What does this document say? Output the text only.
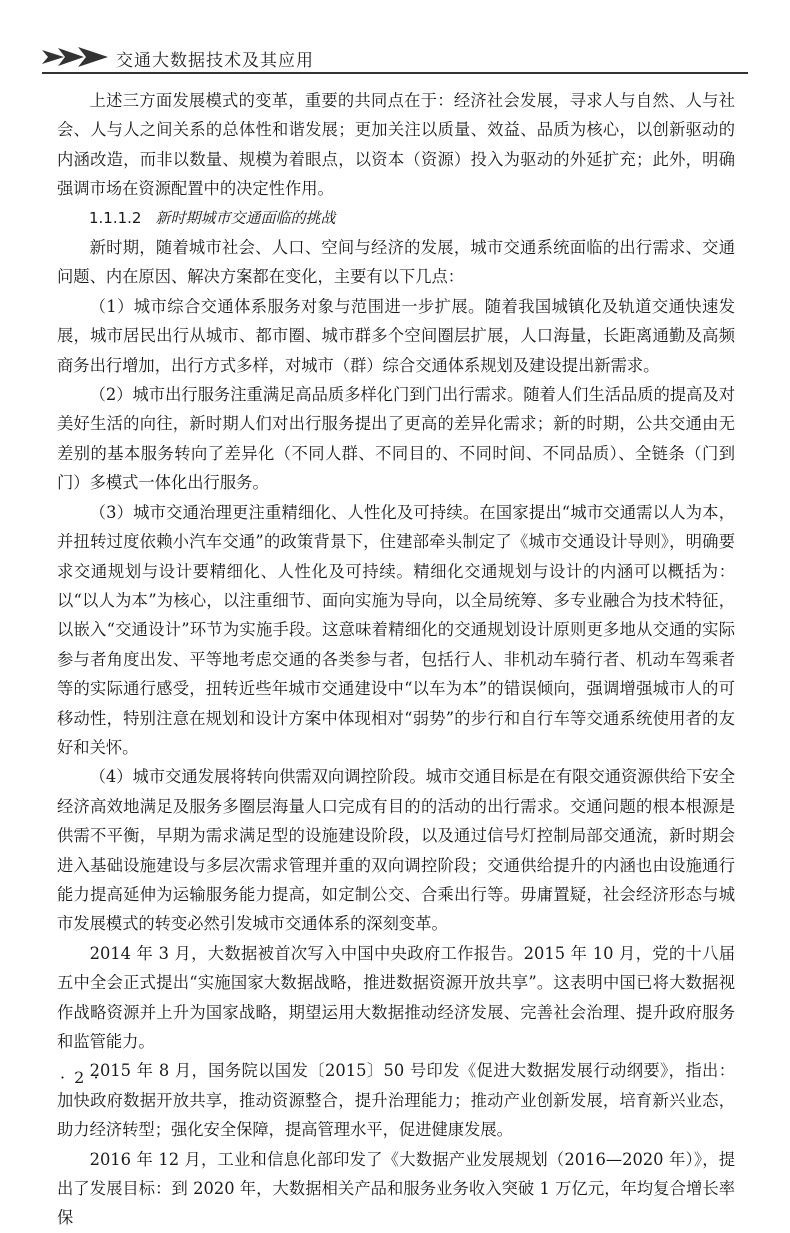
交通大数据技术及其应用

上述三方面发展模式的变革，重要的共同点在于：经济社会发展，寻求人与自然、人与社会、人与人之间关系的总体性和谐发展；更加关注以质量、效益、品质为核心，以创新驱动的内涵改造，而非以数量、规模为着眼点，以资本（资源）投入为驱动的外延扩充；此外，明确强调市场在资源配置中的决定性作用。

1.1.1.2 新时期城市交通面临的挑战

新时期，随着城市社会、人口、空间与经济的发展，城市交通系统面临的出行需求、交通问题、内在原因、解决方案都在变化，主要有以下几点：

（1）城市综合交通体系服务对象与范围进一步扩展。随着我国城镇化及轨道交通快速发展，城市居民出行从城市、都市圈、城市群多个空间圈层扩展，人口海量，长距离通勤及高频商务出行增加，出行方式多样，对城市（群）综合交通体系规划及建设提出新需求。

（2）城市出行服务注重满足高品质多样化门到门出行需求。随着人们生活品质的提高及对美好生活的向往，新时期人们对出行服务提出了更高的差异化需求；新的时期，公共交通由无差别的基本服务转向了差异化（不同人群、不同目的、不同时间、不同品质）、全链条（门到门）多模式一体化出行服务。

（3）城市交通治理更注重精细化、人性化及可持续。在国家提出“城市交通需以人为本，并扭转过度依赖小汽车交通”的政策背景下，住建部牵头制定了《城市交通设计导则》，明确要求交通规划与设计要精细化、人性化及可持续。精细化交通规划与设计的内涵可以概括为：以“以人为本”为核心，以注重细节、面向实施为导向，以全局统筹、多专业融合为技术特征，以嵌入“交通设计”环节为实施手段。这意味着精细化的交通规划设计原则更多地从交通的实际参与者角度出发、平等地考虑交通的各类参与者，包括行人、非机动车骑行者、机动车驾乘者等的实际通行感受，扭转近些年城市交通建设中“以车为本”的错误倾向，强调增强城市人的可移动性，特别注意在规划和设计方案中体现相对“弱势”的步行和自行车等交通系统使用者的友好和关怀。

（4）城市交通发展将转向供需双向调控阶段。城市交通目标是在有限交通资源供给下安全经济高效地满足及服务多圈层海量人口完成有目的的活动的出行需求。交通问题的根本根源是供需不平衡，早期为需求满足型的设施建设阶段，以及通过信号灯控制局部交通流，新时期会进入基础设施建设与多层次需求管理并重的双向调控阶段；交通供给提升的内涵也由设施通行能力提高延伸为运输服务能力提高，如定制公交、合乘出行等。毋庸置疑，社会经济形态与城市发展模式的转变必然引发城市交通体系的深刻变革。

2014 年 3 月，大数据被首次写入中国中央政府工作报告。2015 年 10 月，党的十八届五中全会正式提出“实施国家大数据战略，推进数据资源开放共享”。这表明中国已将大数据视作战略资源并上升为国家战略，期望运用大数据推动经济发展、完善社会治理、提升政府服务和监管能力。

2015 年 8 月，国务院以国发〔2015〕50 号印发《促进大数据发展行动纲要》，指出：加快政府数据开放共享，推动资源整合，提升治理能力；推动产业创新发展，培育新兴业态，助力经济转型；强化安全保障，提高管理水平，促进健康发展。

2016 年 12 月，工业和信息化部印发了《大数据产业发展规划（2016—2020 年）》，提出了发展目标：到 2020 年，大数据相关产品和服务业务收入突破 1 万亿元，年均复合增长率保

· 2 ·
